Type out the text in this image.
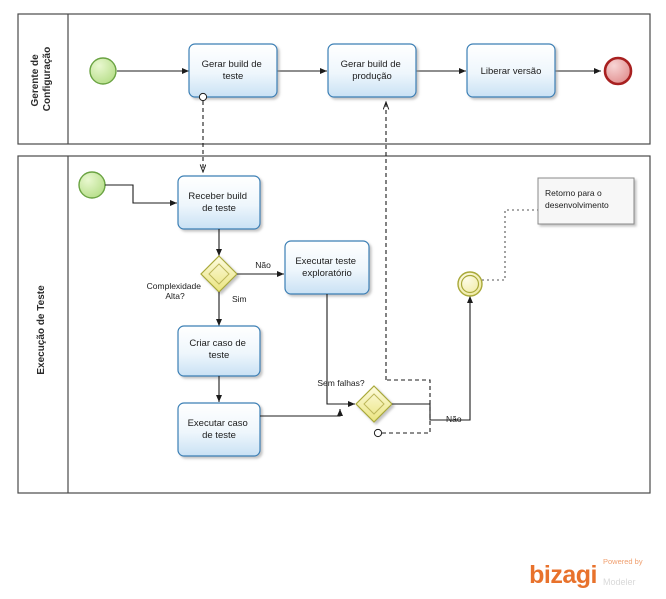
Gerente de Configuração
Execução de Teste
Gerar build de teste
Gerar build de produção	Liberar versão
Receber build de teste
Complexidade Alta?
Não
Sim
Executar teste exploratório
Criar caso de teste
Executar caso de teste
Sem falhas?
Não
Retorno para o desenvolvimento
Powered by
bizagi Modeler
